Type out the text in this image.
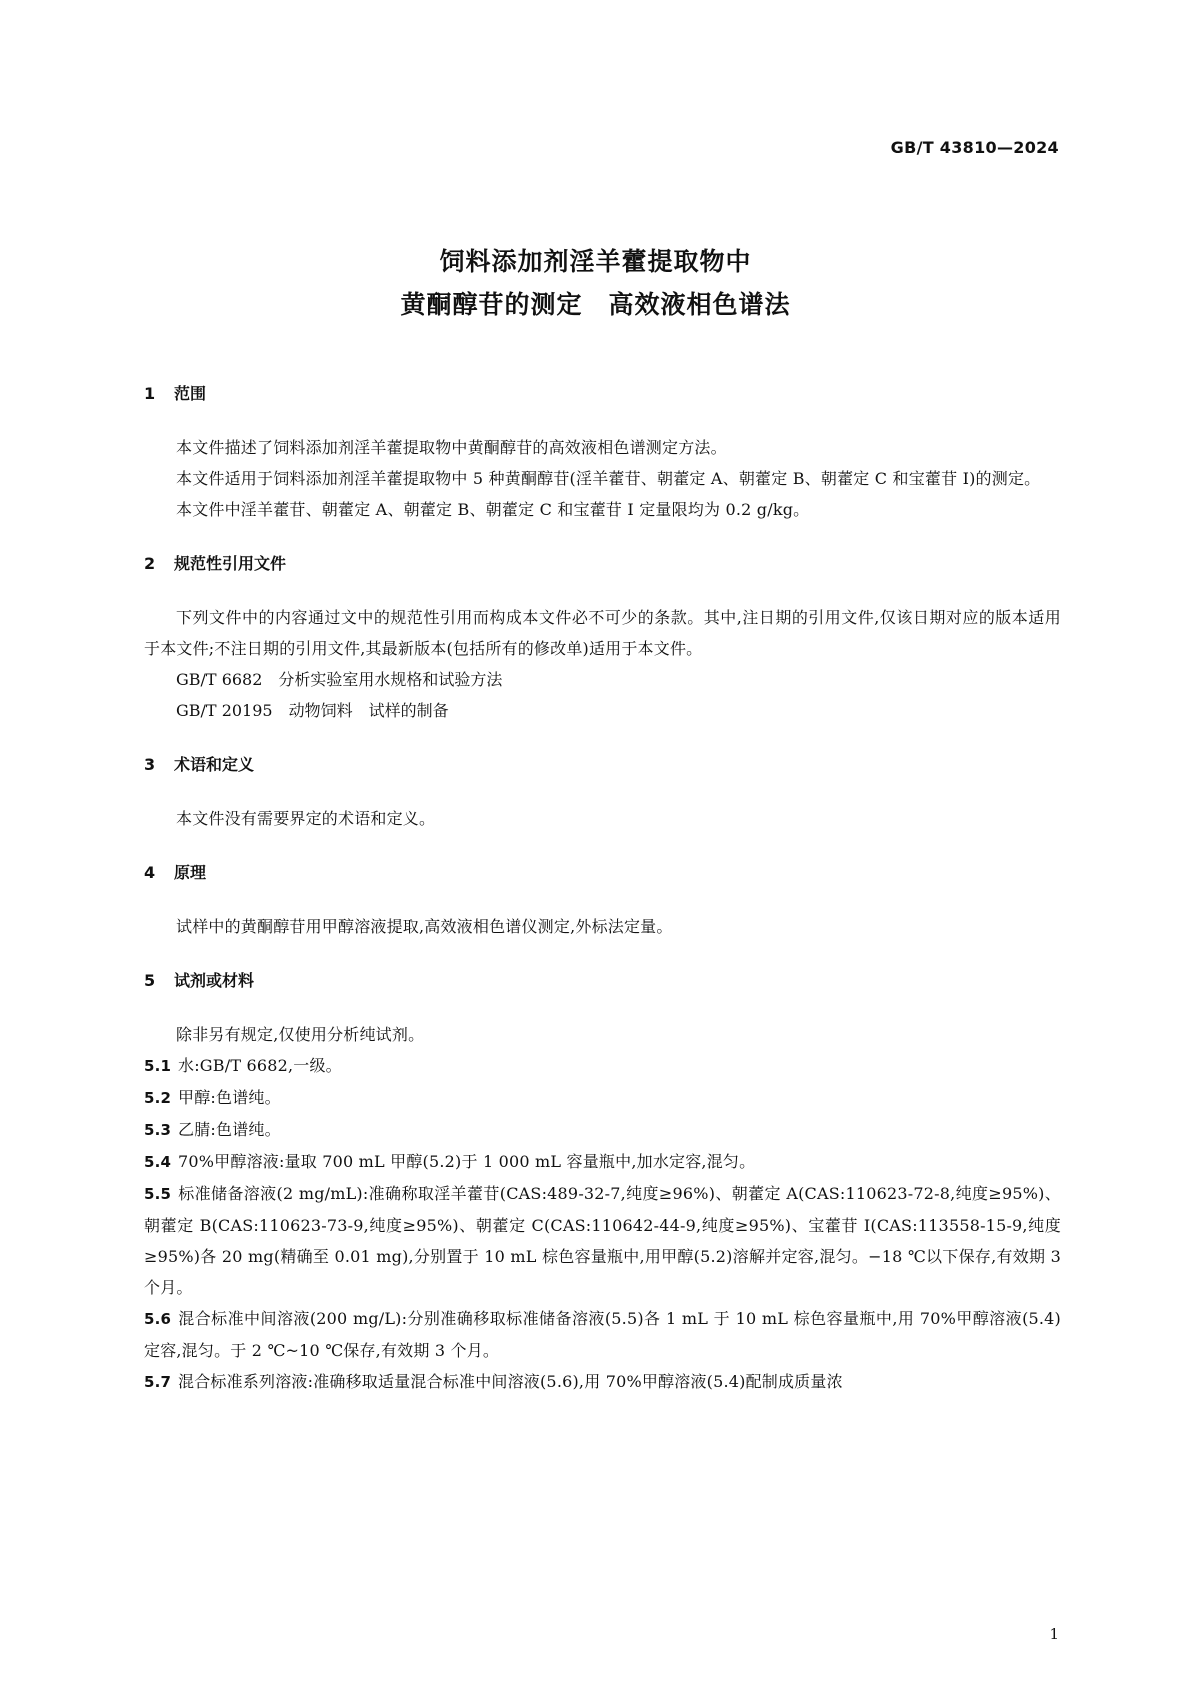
GB/T 43810—2024
饲料添加剂淫羊藿提取物中
黄酮醇苷的测定　高效液相色谱法
1 范围
本文件描述了饲料添加剂淫羊藿提取物中黄酮醇苷的高效液相色谱测定方法。
本文件适用于饲料添加剂淫羊藿提取物中 5 种黄酮醇苷(淫羊藿苷、朝藿定 A、朝藿定 B、朝藿定 C 和宝藿苷 I)的测定。
本文件中淫羊藿苷、朝藿定 A、朝藿定 B、朝藿定 C 和宝藿苷 I 定量限均为 0.2 g/kg。
2 规范性引用文件
下列文件中的内容通过文中的规范性引用而构成本文件必不可少的条款。其中,注日期的引用文件,仅该日期对应的版本适用于本文件;不注日期的引用文件,其最新版本(包括所有的修改单)适用于本文件。
GB/T 6682　分析实验室用水规格和试验方法
GB/T 20195　动物饲料　试样的制备
3 术语和定义
本文件没有需要界定的术语和定义。
4 原理
试样中的黄酮醇苷用甲醇溶液提取,高效液相色谱仪测定,外标法定量。
5 试剂或材料
除非另有规定,仅使用分析纯试剂。
5.1 水:GB/T 6682,一级。
5.2 甲醇:色谱纯。
5.3 乙腈:色谱纯。
5.4 70%甲醇溶液:量取 700 mL 甲醇(5.2)于 1 000 mL 容量瓶中,加水定容,混匀。
5.5 标准储备溶液(2 mg/mL):准确称取淫羊藿苷(CAS:489-32-7,纯度≥96%)、朝藿定 A(CAS:110623-72-8,纯度≥95%)、朝藿定 B(CAS:110623-73-9,纯度≥95%)、朝藿定 C(CAS:110642-44-9,纯度≥95%)、宝藿苷 I(CAS:113558-15-9,纯度≥95%)各 20 mg(精确至 0.01 mg),分别置于 10 mL 棕色容量瓶中,用甲醇(5.2)溶解并定容,混匀。−18 ℃以下保存,有效期 3 个月。
5.6 混合标准中间溶液(200 mg/L):分别准确移取标准储备溶液(5.5)各 1 mL 于 10 mL 棕色容量瓶中,用 70%甲醇溶液(5.4)定容,混匀。于 2 ℃~10 ℃保存,有效期 3 个月。
5.7 混合标准系列溶液:准确移取适量混合标准中间溶液(5.6),用 70%甲醇溶液(5.4)配制成质量浓
1
